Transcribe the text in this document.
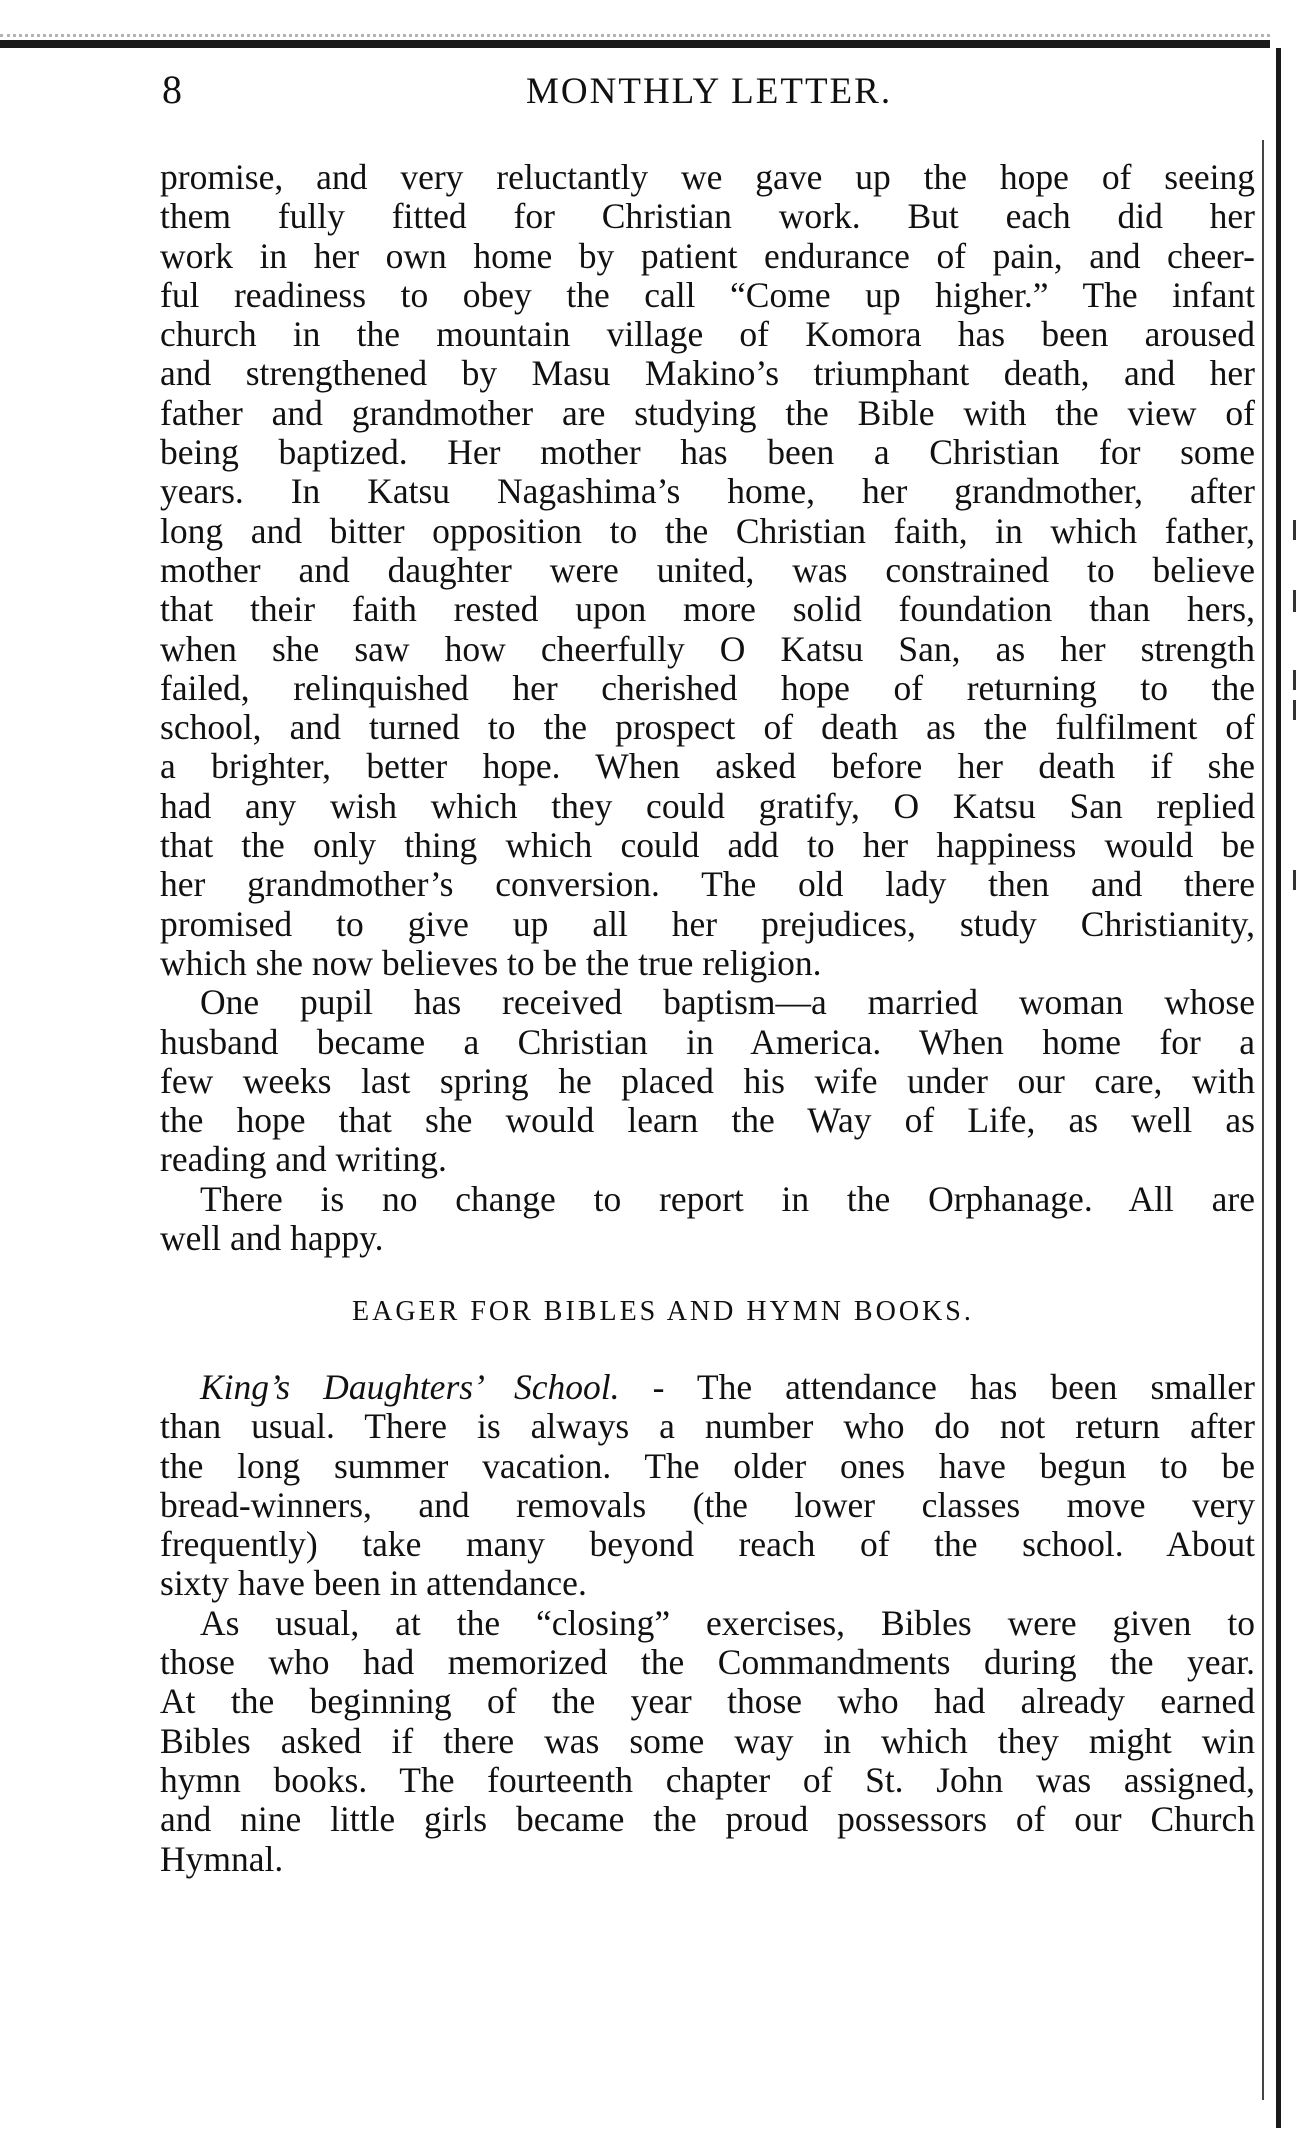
8	MONTHLY LETTER.
promise, and very reluctantly we gave up the hope of seeing
them fully fitted for Christian work. But each did her
work in her own home by patient endurance of pain, and cheer-
ful readiness to obey the call “Come up higher.” The infant
church in the mountain village of Komora has been aroused
and strengthened by Masu Makino’s triumphant death, and her
father and grandmother are studying the Bible with the view of
being baptized. Her mother has been a Christian for some
years. In Katsu Nagashima’s home, her grandmother, after
long and bitter opposition to the Christian faith, in which father,
mother and daughter were united, was constrained to believe
that their faith rested upon more solid foundation than hers,
when she saw how cheerfully O Katsu San, as her strength
failed, relinquished her cherished hope of returning to the
school, and turned to the prospect of death as the fulfilment of
a brighter, better hope. When asked before her death if she
had any wish which they could gratify, O Katsu San replied
that the only thing which could add to her happiness would be
her grandmother’s conversion. The old lady then and there
promised to give up all her prejudices, study Christianity,
which she now believes to be the true religion.
One pupil has received baptism—a married woman whose
husband became a Christian in America. When home for a
few weeks last spring he placed his wife under our care, with
the hope that she would learn the Way of Life, as well as
reading and writing.
There is no change to report in the Orphanage. All are
well and happy.
EAGER FOR BIBLES AND HYMN BOOKS.
King’s Daughters’ School. - The attendance has been smaller
than usual. There is always a number who do not return after
the long summer vacation. The older ones have begun to be
bread-winners, and removals (the lower classes move very
frequently) take many beyond reach of the school. About
sixty have been in attendance.
As usual, at the “closing” exercises, Bibles were given to
those who had memorized the Commandments during the year.
At the beginning of the year those who had already earned
Bibles asked if there was some way in which they might win
hymn books. The fourteenth chapter of St. John was assigned,
and nine little girls became the proud possessors of our Church
Hymnal.
